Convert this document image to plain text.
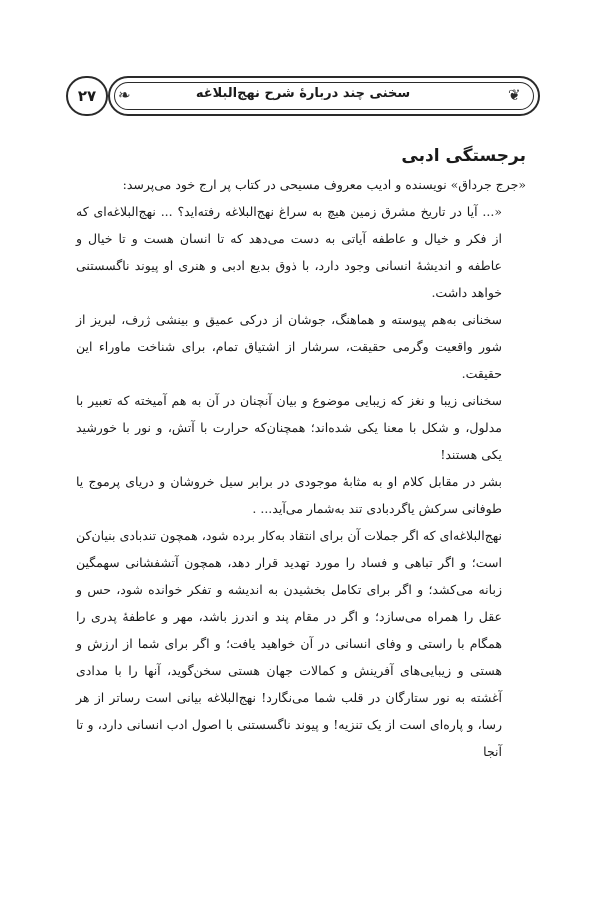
❦
❧	سخنی چند دربارۀ شرح نهج‌البلاغه
۲۷
برجستگی ادبی

«جرج جرداق» نویسنده و ادیب معروف مسیحی در کتاب پر ارج خود می‌پرسد:

«... آیا در تاریخ مشرق زمین هیچ به سراغ نهج‌البلاغه رفته‌اید؟ ... نهج‌البلاغه‌ای که از فکر و خیال و عاطفه آیاتی به دست می‌دهد که تا انسان هست و تا خیال و عاطفه و اندیشۀ انسانی وجود دارد، با ذوق بدیع ادبی و هنری او پیوند ناگسستنی خواهد داشت.

سخنانی به‌هم پیوسته و هماهنگ، جوشان از درکی عمیق و بینشی ژرف، لبریز از شور واقعیت وگرمی حقیقت، سرشار از اشتیاق تمام، برای شناخت ماوراء این حقیقت.

سخنانی زیبا و نغز که زیبایی موضوع و بیان آنچنان در آن به هم آمیخته که تعبیر با مدلول، و شکل با معنا یکی شده‌اند؛ همچنان‌که حرارت با آتش، و نور با خورشید یکی هستند!

بشر در مقابل کلام او به مثابۀ موجودی در برابر سیل خروشان و دریای پرموج یا طوفانی سرکش یاگردبادی تند به‌شمار می‌آید... .

نهج‌البلاغه‌ای که اگر جملات آن برای انتقاد به‌کار برده شود، همچون تندبادی بنیان‌کن است؛ و اگر تباهی و فساد را مورد تهدید قرار دهد، همچون آتشفشانی سهمگین زبانه می‌کشد؛ و اگر برای تکامل بخشیدن به اندیشه و تفکر خوانده شود، حس و عقل را همراه می‌سازد؛ و اگر در مقام پند و اندرز باشد، مهر و عاطفۀ پدری را همگام با راستی و وفای انسانی در آن خواهید یافت؛ و اگر برای شما از ارزش و هستی و زیبایی‌های آفرینش و کمالات جهان هستی سخن‌گوید، آنها را با مدادی آغشته به نور ستارگان در قلب شما می‌نگارد! نهج‌البلاغه بیانی است رساتر از هر رسا، و پاره‌ای است از یک تنزیه‌! و پیوند ناگسستنی با اصول ادب انسانی دارد، و تا آنجا
